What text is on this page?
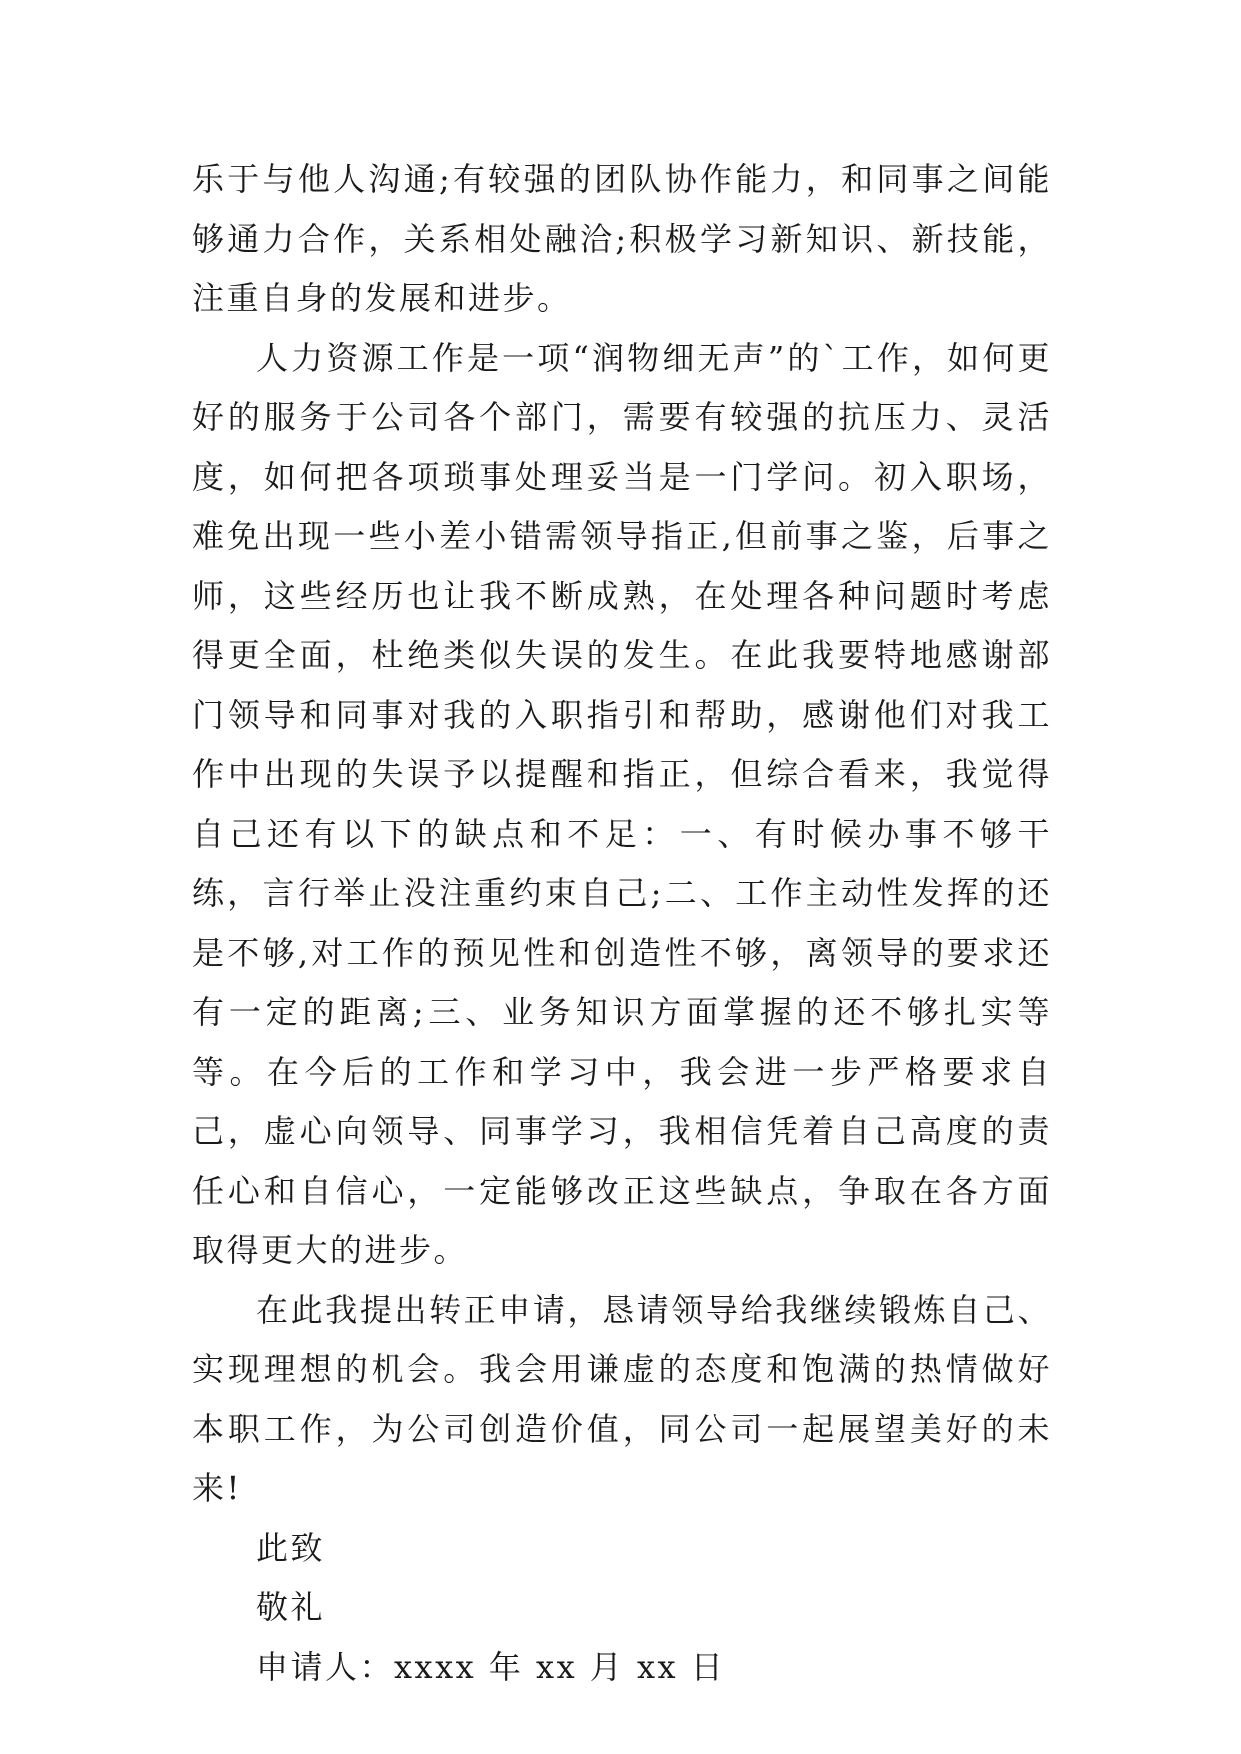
乐于与他人沟通;有较强的团队协作能力，和同事之间能够通力合作，关系相处融洽;积极学习新知识、新技能，注重自身的发展和进步。

人力资源工作是一项“润物细无声”的`工作，如何更好的服务于公司各个部门，需要有较强的抗压力、灵活度，如何把各项琐事处理妥当是一门学问。初入职场，难免出现一些小差小错需领导指正,但前事之鉴，后事之师，这些经历也让我不断成熟，在处理各种问题时考虑得更全面，杜绝类似失误的发生。在此我要特地感谢部门领导和同事对我的入职指引和帮助，感谢他们对我工作中出现的失误予以提醒和指正，但综合看来，我觉得自己还有以下的缺点和不足：一、有时候办事不够干练，言行举止没注重约束自己;二、工作主动性发挥的还是不够,对工作的预见性和创造性不够，离领导的要求还有一定的距离;三、业务知识方面掌握的还不够扎实等等。在今后的工作和学习中，我会进一步严格要求自己，虚心向领导、同事学习，我相信凭着自己高度的责任心和自信心，一定能够改正这些缺点，争取在各方面取得更大的进步。

在此我提出转正申请，恳请领导给我继续锻炼自己、实现理想的机会。我会用谦虚的态度和饱满的热情做好本职工作，为公司创造价值，同公司一起展望美好的未来!

此致

敬礼

申请人：xxxx 年 xx 月 xx 日
